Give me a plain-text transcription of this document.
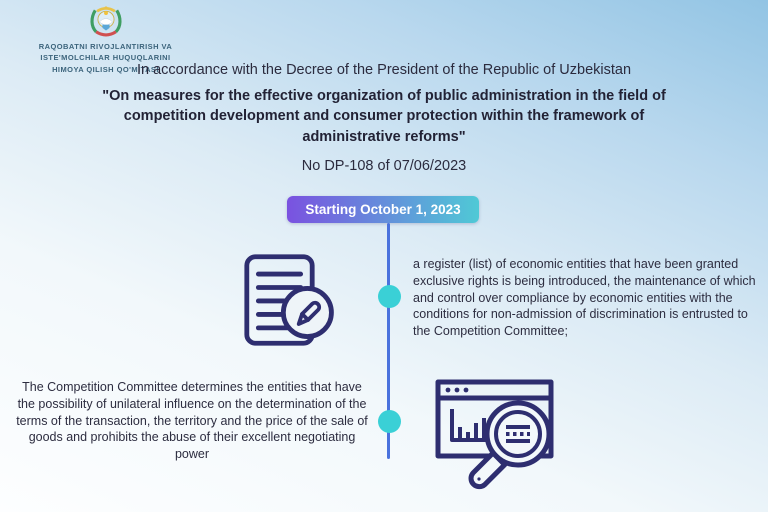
RAQOBATNI RIVOJLANTIRISH VA
ISTE'MOLCHILAR HUQUQLARINI
HIMOYA QILISH QO'MITASI

In accordance with the Decree of the President of the Republic of Uzbekistan

"On measures for the effective organization of public administration in the field of competition development and consumer protection within the framework of administrative reforms"

No DP-108 of 07/06/2023

Starting October 1, 2023

a register (list) of economic entities that have been granted exclusive rights is being introduced, the maintenance of which and control over compliance by economic entities with the conditions for non-admission of discrimination is entrusted to the Competition Committee;

The Competition Committee determines the entities that have the possibility of unilateral influence on the determination of the terms of the transaction, the territory and the price of the sale of goods and prohibits the abuse of their excellent negotiating power
